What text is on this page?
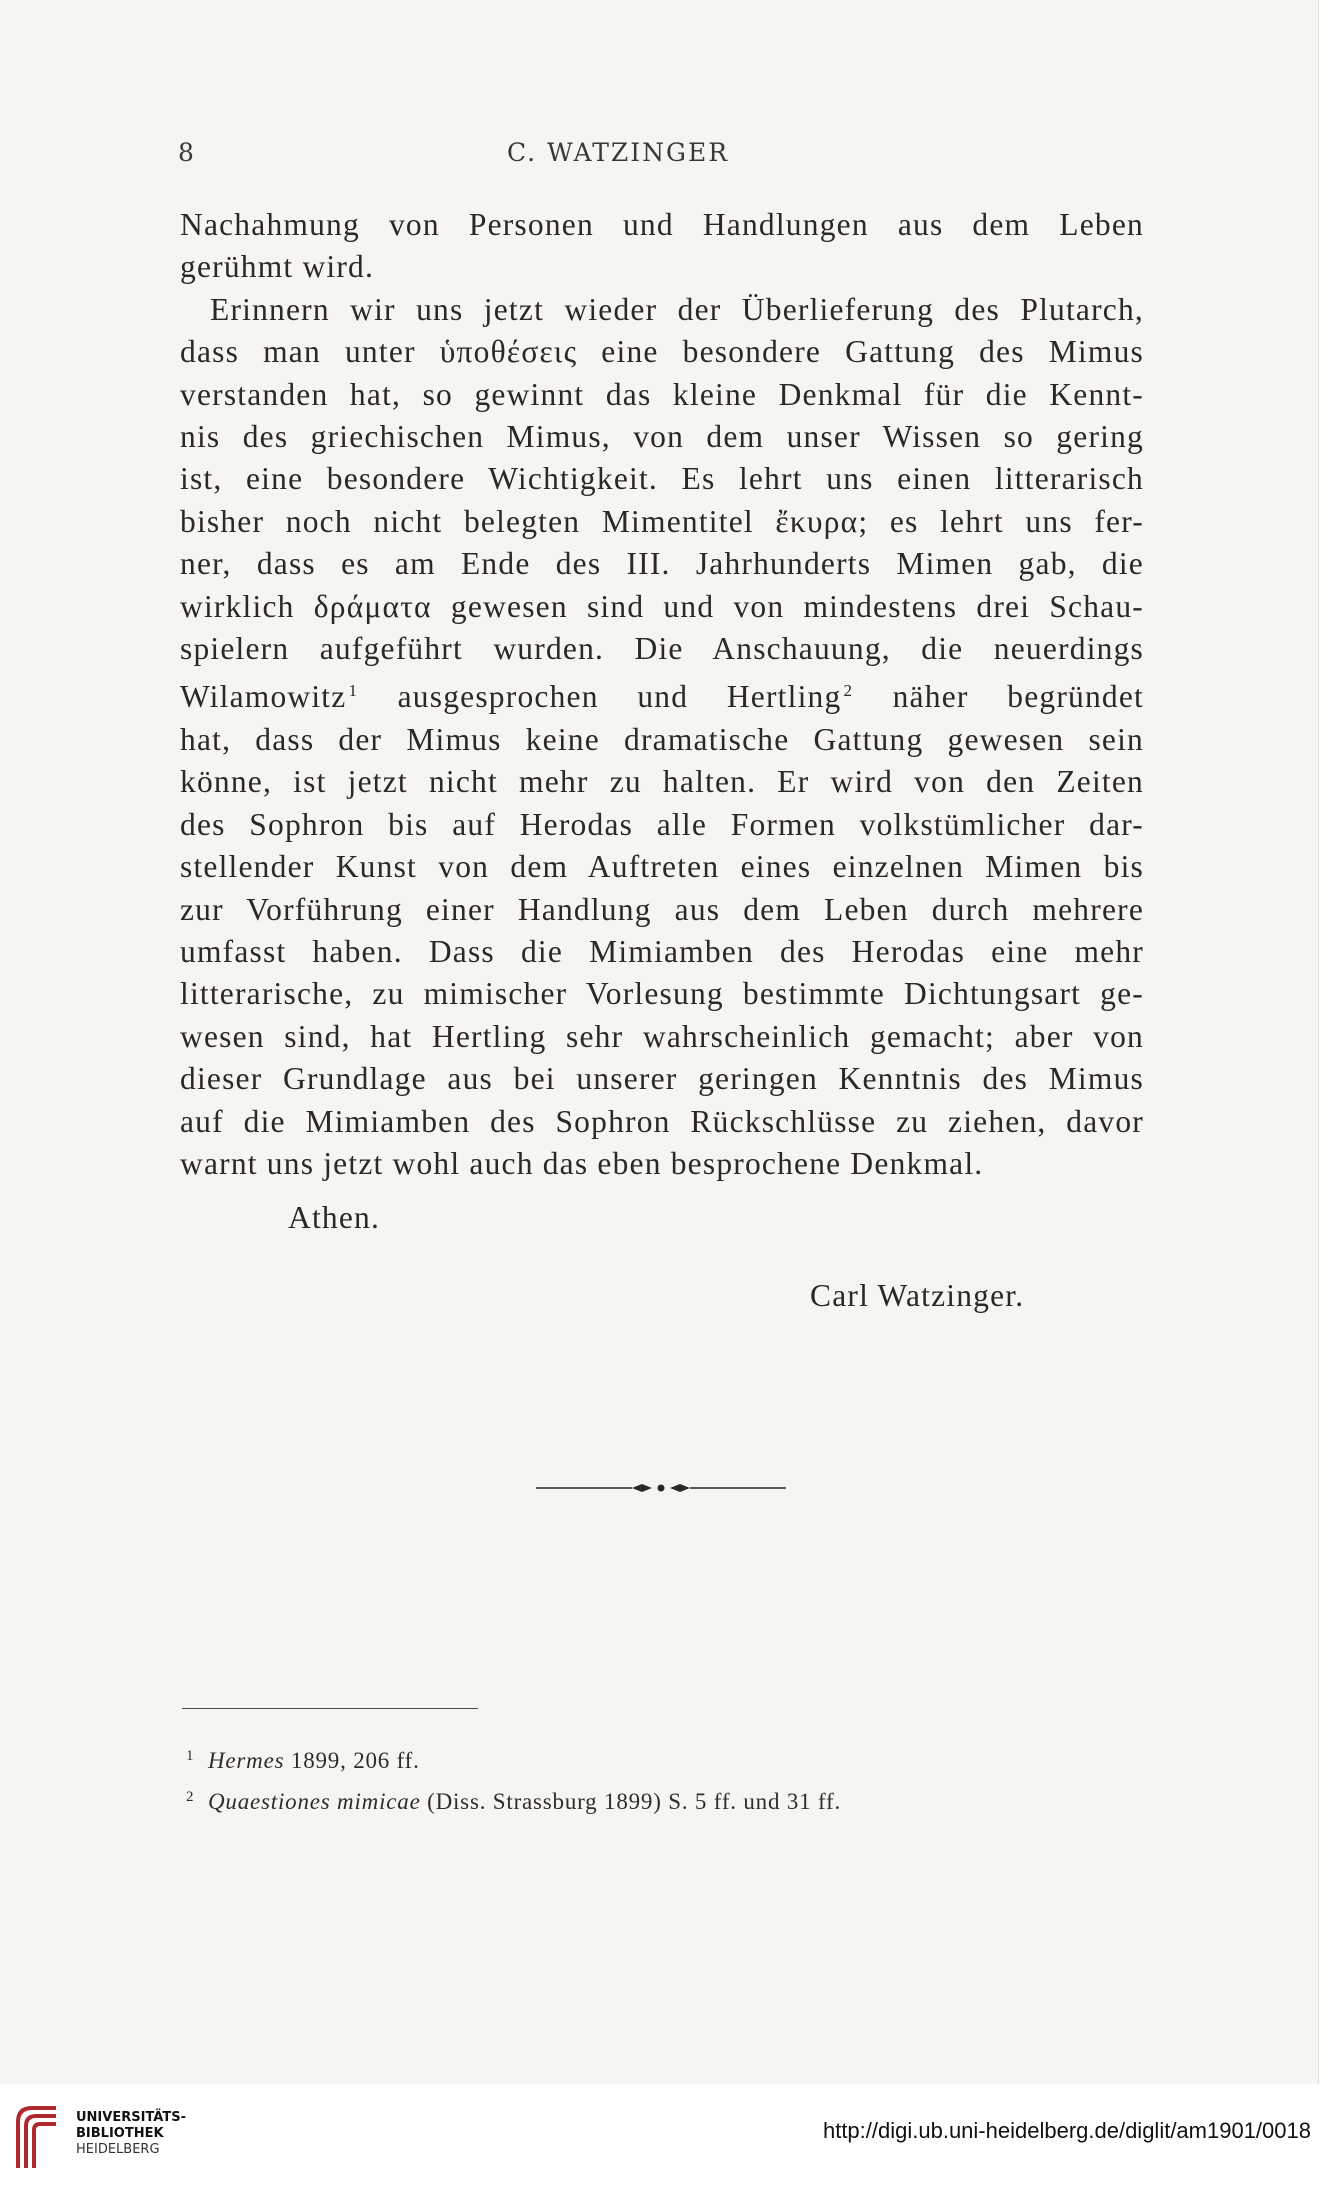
8	C. WATZINGER

Nachahmung von Personen und Handlungen aus dem Leben
gerühmt wird.

Erinnern wir uns jetzt wieder der Überlieferung des Plutarch,
dass man unter ὑποθέσεις eine besondere Gattung des Mimus
verstanden hat, so gewinnt das kleine Denkmal für die Kennt-
nis des griechischen Mimus, von dem unser Wissen so gering
ist, eine besondere Wichtigkeit. Es lehrt uns einen litterarisch
bisher noch nicht belegten Mimentitel ἔκυρα; es lehrt uns fer-
ner, dass es am Ende des III. Jahrhunderts Mimen gab, die
wirklich δράματα gewesen sind und von mindestens drei Schau-
spielern aufgeführt wurden. Die Anschauung, die neuerdings
Wilamowitz $^1$ ausgesprochen und Hertling $^2$ näher begründet
hat, dass der Mimus keine dramatische Gattung gewesen sein
könne, ist jetzt nicht mehr zu halten. Er wird von den Zeiten
des Sophron bis auf Herodas alle Formen volkstümlicher dar-
stellender Kunst von dem Auftreten eines einzelnen Mimen bis
zur Vorführung einer Handlung aus dem Leben durch mehrere
umfasst haben. Dass die Mimiamben des Herodas eine mehr
litterarische, zu mimischer Vorlesung bestimmte Dichtungsart ge-
wesen sind, hat Hertling sehr wahrscheinlich gemacht; aber von
dieser Grundlage aus bei unserer geringen Kenntnis des Mimus
auf die Mimiamben des Sophron Rückschlüsse zu ziehen, davor
warnt uns jetzt wohl auch das eben besprochene Denkmal.

Athen.
Carl Watzinger.
1 Hermes 1899, 206 ff.
2 Quaestiones mimicae (Diss. Strassburg 1899) S. 5 ff. und 31 ff.
UNIVERSITÄTS-
BIBLIOTHEK
HEIDELBERG
http://digi.ub.uni-heidelberg.de/diglit/am1901/0018
